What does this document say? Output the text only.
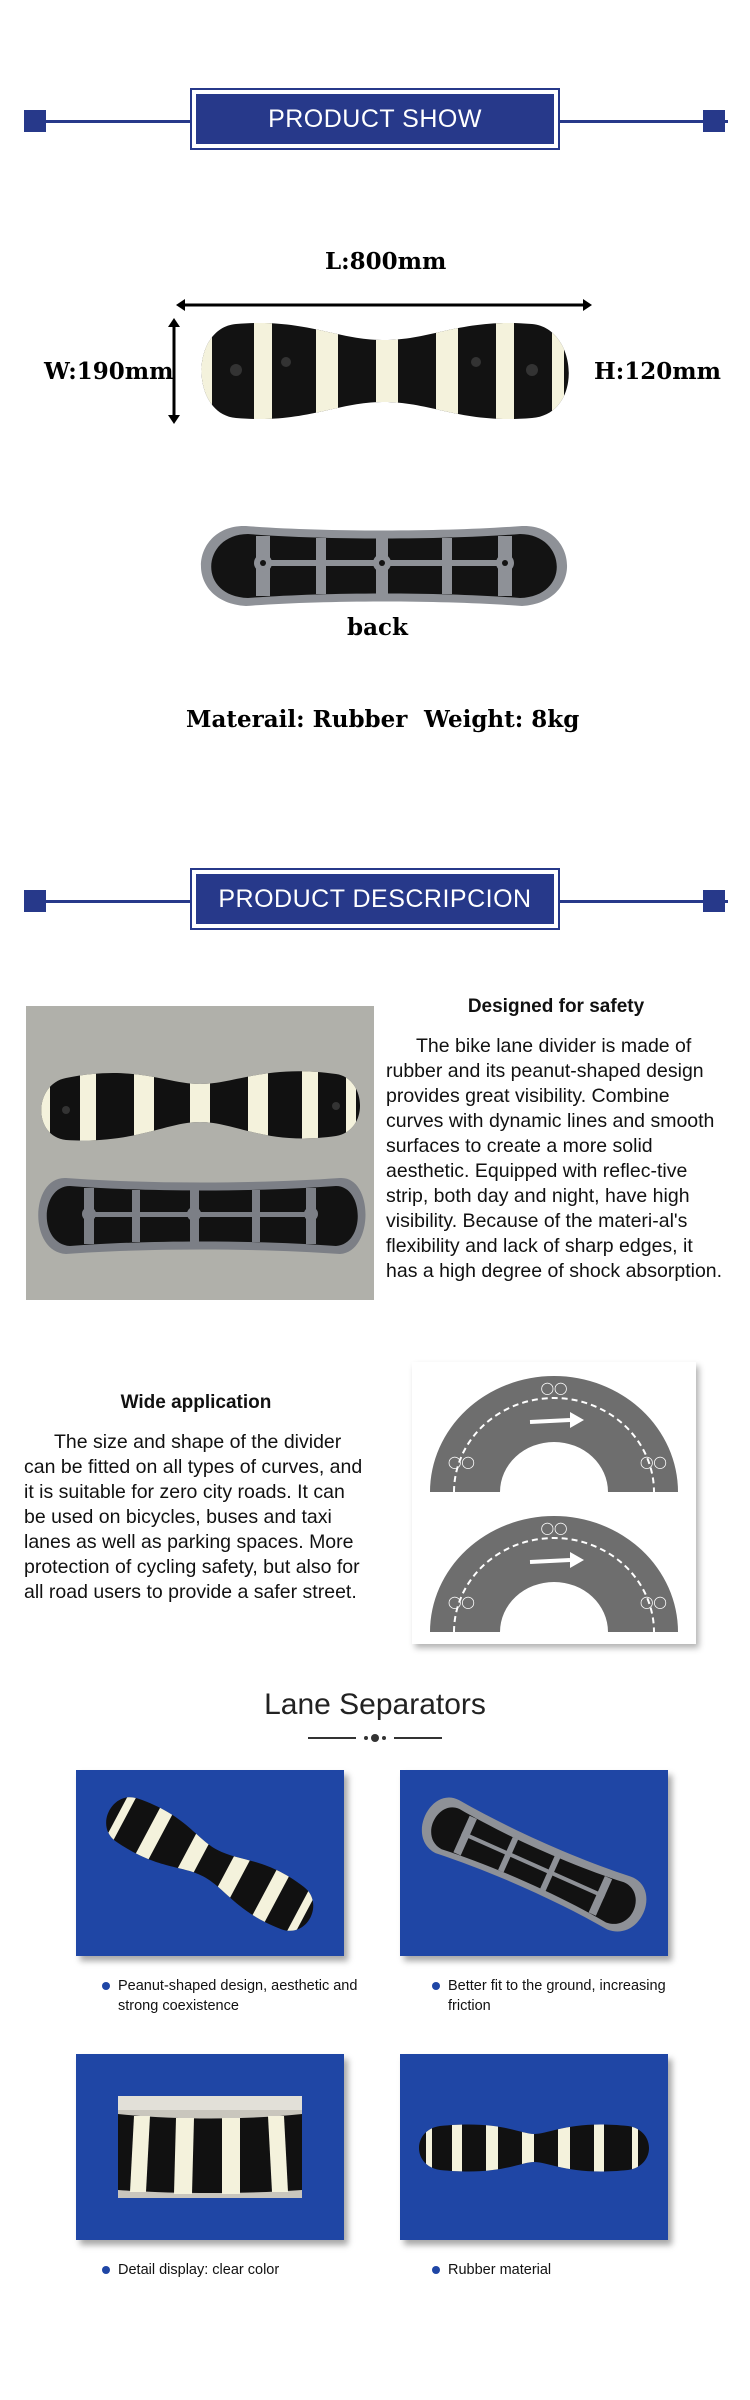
PRODUCT SHOW
L:800mm
W:190mm	H:120mm
back
Materail: Rubber Weight: 8kg
PRODUCT DESCRIPCION
Designed for safety
The bike lane divider is made of rubber and its peanut-shaped design provides great visibility. Combine curves with dynamic lines and smooth surfaces to create a more solid aesthetic. Equipped with reflec-tive strip, both day and night, have high visibility. Because of the materi-al's flexibility and lack of sharp edges, it has a high degree of shock absorption.
Wide application
The size and shape of the divider can be fitted on all types of curves, and it is suitable for zero city roads. It can be used on bicycles, buses and taxi lanes as well as parking spaces. More protection of cycling safety, but also for all road users to provide a safer street.
◯◯
◯◯	◯◯
◯◯
◯◯	◯◯
Lane Separators
Peanut-shaped design, aesthetic and strong coexistence
Better fit to the ground, increasing friction
Detail display: clear color	Rubber material
